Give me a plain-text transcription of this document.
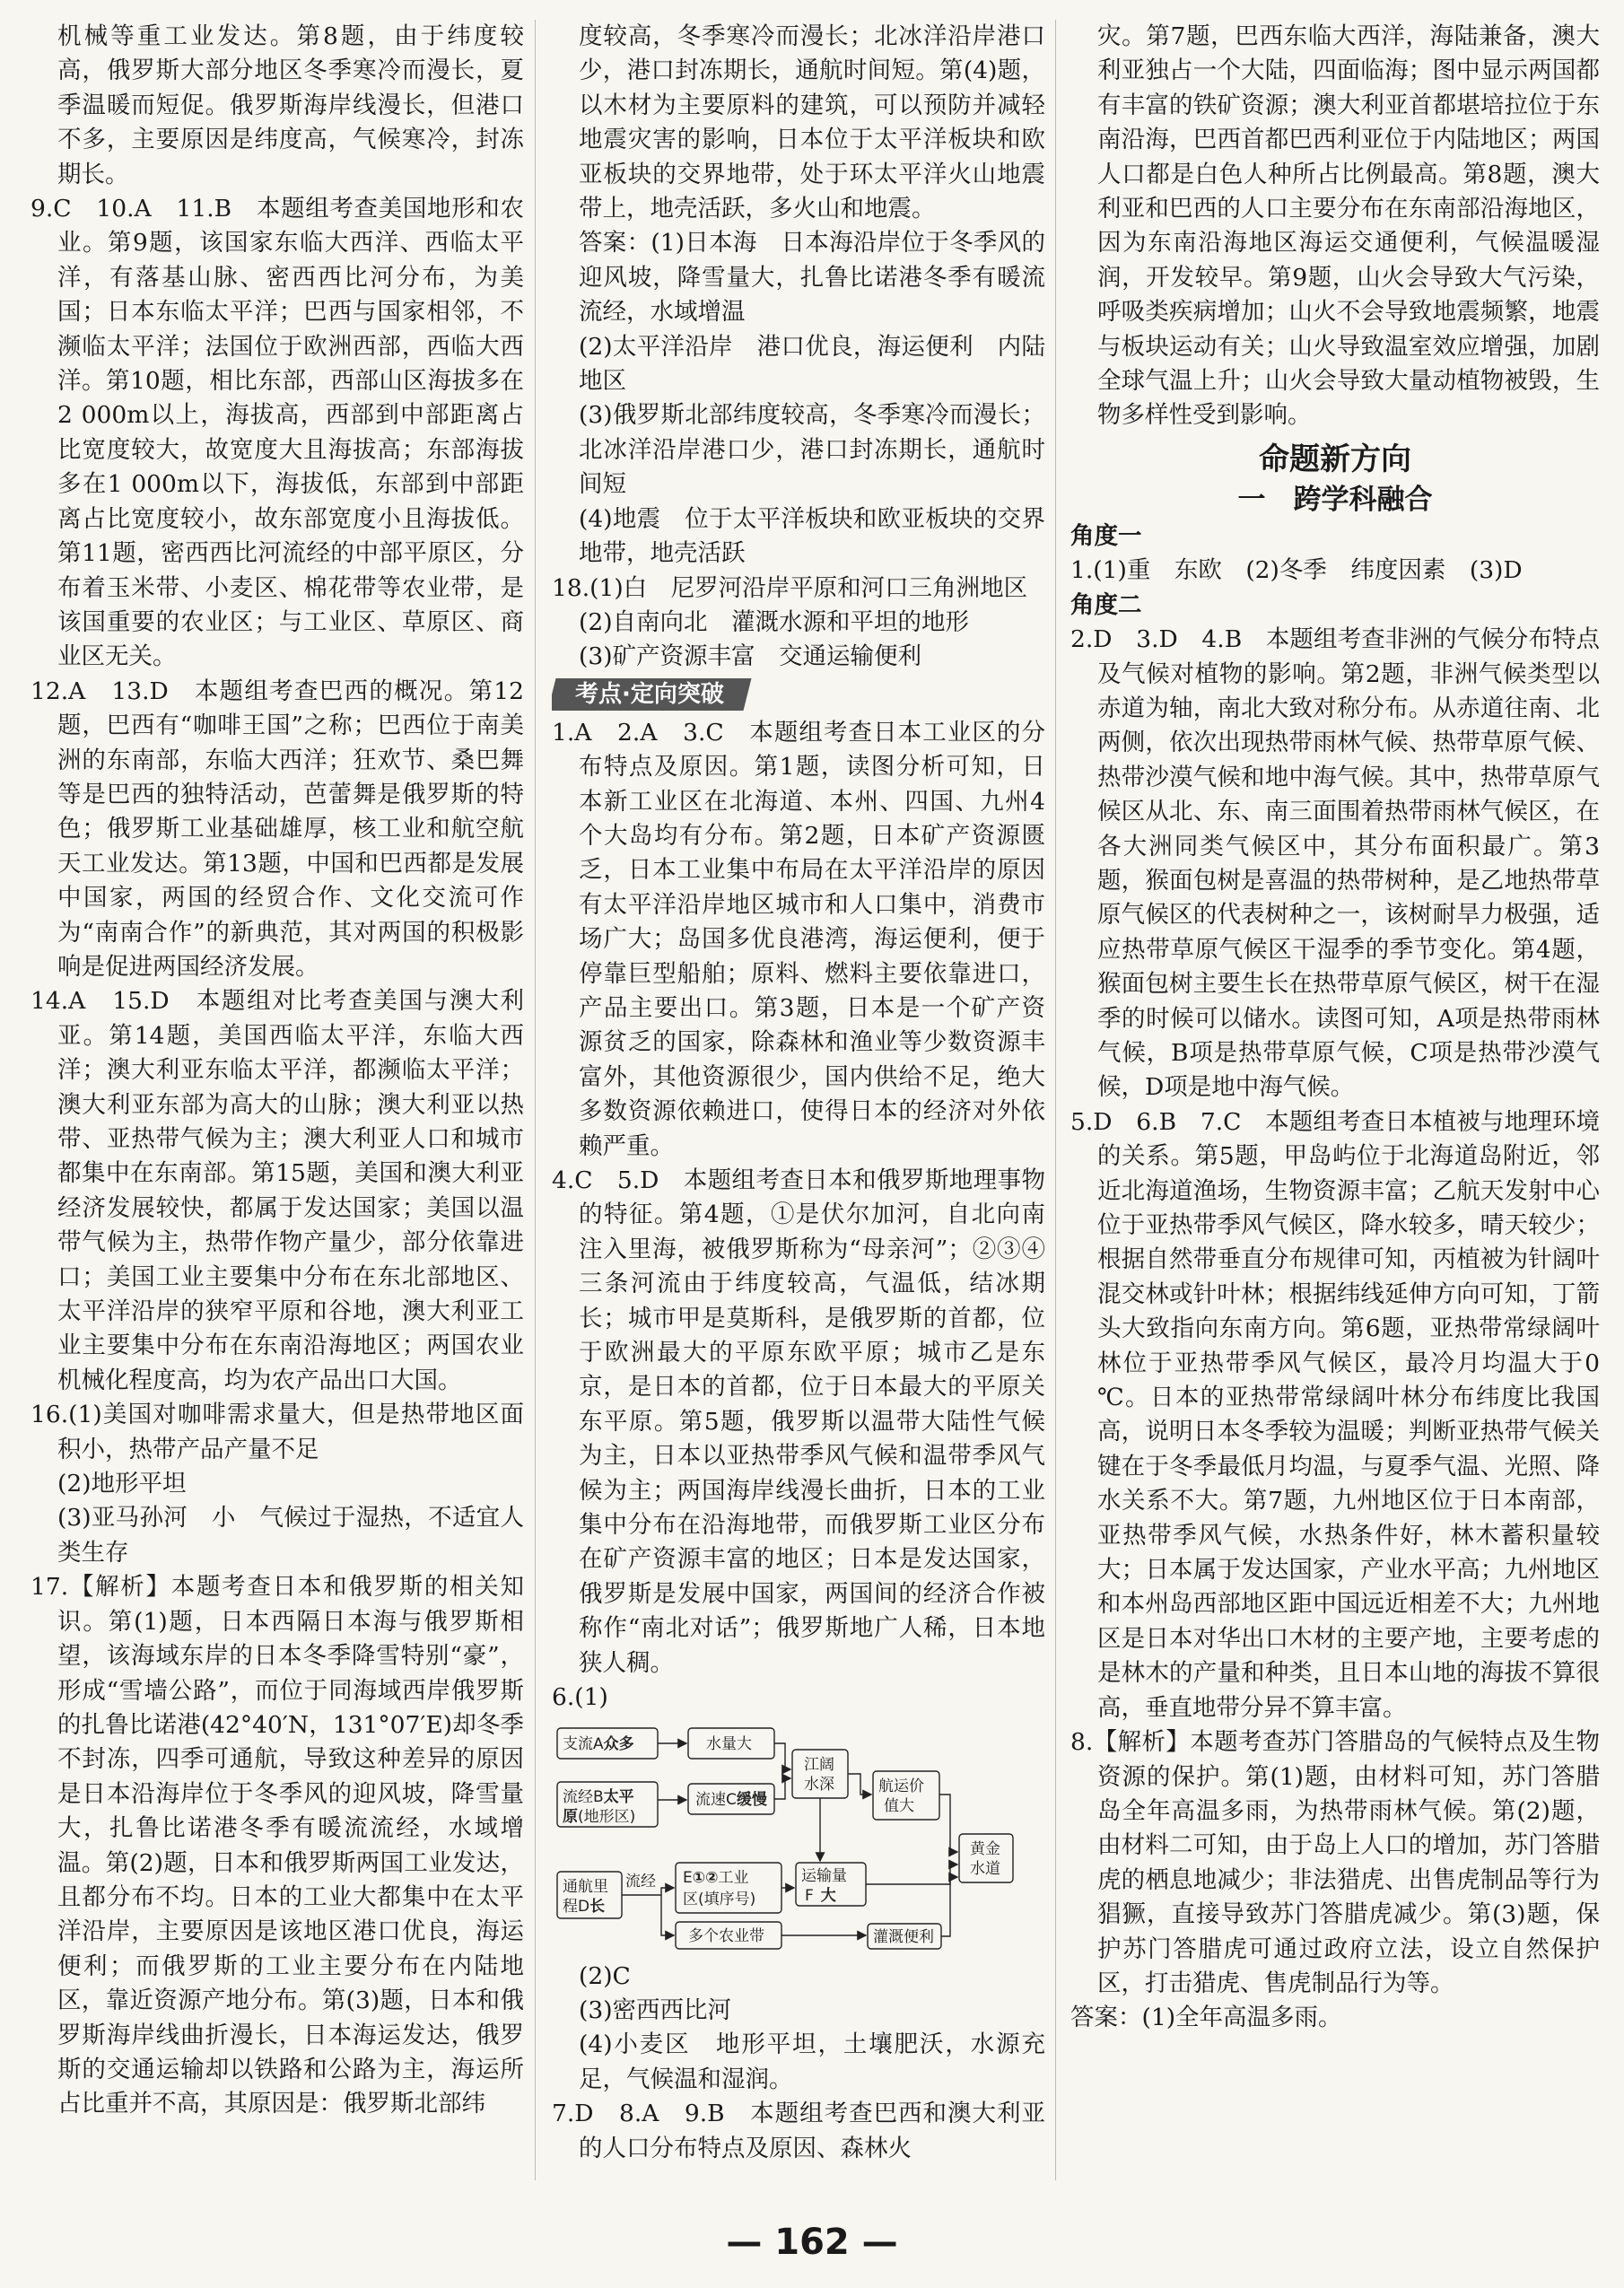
机械等重工业发达。第8题，由于纬度较高，俄罗斯大部分地区冬季寒冷而漫长，夏季温暖而短促。俄罗斯海岸线漫长，但港口不多，主要原因是纬度高，气候寒冷，封冻期长。

9.C　10.A　11.B　本题组考查美国地形和农业。第9题，该国家东临大西洋、西临太平洋，有落基山脉、密西西比河分布，为美国；日本东临太平洋；巴西与国家相邻，不濒临太平洋；法国位于欧洲西部，西临大西洋。第10题，相比东部，西部山区海拔多在2 000m以上，海拔高，西部到中部距离占比宽度较大，故宽度大且海拔高；东部海拔多在1 000m以下，海拔低，东部到中部距离占比宽度较小，故东部宽度小且海拔低。第11题，密西西比河流经的中部平原区，分布着玉米带、小麦区、棉花带等农业带，是该国重要的农业区；与工业区、草原区、商业区无关。

12.A　13.D　本题组考查巴西的概况。第12题，巴西有“咖啡王国”之称；巴西位于南美洲的东南部，东临大西洋；狂欢节、桑巴舞等是巴西的独特活动，芭蕾舞是俄罗斯的特色；俄罗斯工业基础雄厚，核工业和航空航天工业发达。第13题，中国和巴西都是发展中国家，两国的经贸合作、文化交流可作为“南南合作”的新典范，其对两国的积极影响是促进两国经济发展。

14.A　15.D　本题组对比考查美国与澳大利亚。第14题，美国西临太平洋，东临大西洋；澳大利亚东临太平洋，都濒临太平洋；澳大利亚东部为高大的山脉；澳大利亚以热带、亚热带气候为主；澳大利亚人口和城市都集中在东南部。第15题，美国和澳大利亚经济发展较快，都属于发达国家；美国以温带气候为主，热带作物产量少，部分依靠进口；美国工业主要集中分布在东北部地区、太平洋沿岸的狭窄平原和谷地，澳大利亚工业主要集中分布在东南沿海地区；两国农业机械化程度高，均为农产品出口大国。

16.(1)美国对咖啡需求量大，但是热带地区面积小，热带产品产量不足

(2)地形平坦

(3)亚马孙河　小　气候过于湿热，不适宜人类生存

17.【解析】本题考查日本和俄罗斯的相关知识。第(1)题，日本西隔日本海与俄罗斯相望，该海域东岸的日本冬季降雪特别“豪”，形成“雪墙公路”，而位于同海域西岸俄罗斯的扎鲁比诺港(42°40′N，131°07′E)却冬季不封冻，四季可通航，导致这种差异的原因是日本沿海岸位于冬季风的迎风坡，降雪量大，扎鲁比诺港冬季有暖流流经，水域增温。第(2)题，日本和俄罗斯两国工业发达，且都分布不均。日本的工业大都集中在太平洋沿岸，主要原因是该地区港口优良，海运便利；而俄罗斯的工业主要分布在内陆地区，靠近资源产地分布。第(3)题，日本和俄罗斯海岸线曲折漫长，日本海运发达，俄罗斯的交通运输却以铁路和公路为主，海运所占比重并不高，其原因是：俄罗斯北部纬

度较高，冬季寒冷而漫长；北冰洋沿岸港口少，港口封冻期长，通航时间短。第(4)题，以木材为主要原料的建筑，可以预防并减轻地震灾害的影响，日本位于太平洋板块和欧亚板块的交界地带，处于环太平洋火山地震带上，地壳活跃，多火山和地震。

答案：(1)日本海　日本海沿岸位于冬季风的迎风坡，降雪量大，扎鲁比诺港冬季有暖流流经，水域增温

(2)太平洋沿岸　港口优良，海运便利　内陆地区

(3)俄罗斯北部纬度较高，冬季寒冷而漫长；北冰洋沿岸港口少，港口封冻期长，通航时间短

(4)地震　位于太平洋板块和欧亚板块的交界地带，地壳活跃

18.(1)白　尼罗河沿岸平原和河口三角洲地区

(2)自南向北　灌溉水源和平坦的地形

(3)矿产资源丰富　交通运输便利

考点·定向突破

1.A　2.A　3.C　本题组考查日本工业区的分布特点及原因。第1题，读图分析可知，日本新工业区在北海道、本州、四国、九州4个大岛均有分布。第2题，日本矿产资源匮乏，日本工业集中布局在太平洋沿岸的原因有太平洋沿岸地区城市和人口集中，消费市场广大；岛国多优良港湾，海运便利，便于停靠巨型船舶；原料、燃料主要依靠进口，产品主要出口。第3题，日本是一个矿产资源贫乏的国家，除森林和渔业等少数资源丰富外，其他资源很少，国内供给不足，绝大多数资源依赖进口，使得日本的经济对外依赖严重。

4.C　5.D　本题组考查日本和俄罗斯地理事物的特征。第4题，①是伏尔加河，自北向南注入里海，被俄罗斯称为“母亲河”；②③④三条河流由于纬度较高，气温低，结冰期长；城市甲是莫斯科，是俄罗斯的首都，位于欧洲最大的平原东欧平原；城市乙是东京，是日本的首都，位于日本最大的平原关东平原。第5题，俄罗斯以温带大陆性气候为主，日本以亚热带季风气候和温带季风气候为主；两国海岸线漫长曲折，日本的工业集中分布在沿海地带，而俄罗斯工业区分布在矿产资源丰富的地区；日本是发达国家，俄罗斯是发展中国家，两国间的经济合作被称作“南北对话”；俄罗斯地广人稀，日本地狭人稠。

6.(1)

支流A众多
流经B太平
原(地形区)
通航里
程D长
流经
水量大
流速C缓慢
江阔
水深	航运价
值大
黄金
水道
E①②工业
区(填序号)
多个农业带
运输量
F 大
灌溉便利

(2)C

(3)密西西比河

(4)小麦区　地形平坦，土壤肥沃，水源充足，气候温和湿润。

7.D　8.A　9.B　本题组考查巴西和澳大利亚的人口分布特点及原因、森林火

灾。第7题，巴西东临大西洋，海陆兼备，澳大利亚独占一个大陆，四面临海；图中显示两国都有丰富的铁矿资源；澳大利亚首都堪培拉位于东南沿海，巴西首都巴西利亚位于内陆地区；两国人口都是白色人种所占比例最高。第8题，澳大利亚和巴西的人口主要分布在东南部沿海地区，因为东南沿海地区海运交通便利，气候温暖湿润，开发较早。第9题，山火会导致大气污染，呼吸类疾病增加；山火不会导致地震频繁，地震与板块运动有关；山火导致温室效应增强，加剧全球气温上升；山火会导致大量动植物被毁，生物多样性受到影响。

命题新方向
一　跨学科融合
角度一

1.(1)重　东欧　(2)冬季　纬度因素　(3)D

角度二

2.D　3.D　4.B　本题组考查非洲的气候分布特点及气候对植物的影响。第2题，非洲气候类型以赤道为轴，南北大致对称分布。从赤道往南、北两侧，依次出现热带雨林气候、热带草原气候、热带沙漠气候和地中海气候。其中，热带草原气候区从北、东、南三面围着热带雨林气候区，在各大洲同类气候区中，其分布面积最广。第3题，猴面包树是喜温的热带树种，是乙地热带草原气候区的代表树种之一，该树耐旱力极强，适应热带草原气候区干湿季的季节变化。第4题，猴面包树主要生长在热带草原气候区，树干在湿季的时候可以储水。读图可知，A项是热带雨林气候，B项是热带草原气候，C项是热带沙漠气候，D项是地中海气候。

5.D　6.B　7.C　本题组考查日本植被与地理环境的关系。第5题，甲岛屿位于北海道岛附近，邻近北海道渔场，生物资源丰富；乙航天发射中心位于亚热带季风气候区，降水较多，晴天较少；根据自然带垂直分布规律可知，丙植被为针阔叶混交林或针叶林；根据纬线延伸方向可知，丁箭头大致指向东南方向。第6题，亚热带常绿阔叶林位于亚热带季风气候区，最冷月均温大于0 ℃。日本的亚热带常绿阔叶林分布纬度比我国高，说明日本冬季较为温暖；判断亚热带气候关键在于冬季最低月均温，与夏季气温、光照、降水关系不大。第7题，九州地区位于日本南部，亚热带季风气候，水热条件好，林木蓄积量较大；日本属于发达国家，产业水平高；九州地区和本州岛西部地区距中国远近相差不大；九州地区是日本对华出口木材的主要产地，主要考虑的是林木的产量和种类，且日本山地的海拔不算很高，垂直地带分异不算丰富。

8.【解析】本题考查苏门答腊岛的气候特点及生物资源的保护。第(1)题，由材料可知，苏门答腊岛全年高温多雨，为热带雨林气候。第(2)题，由材料二可知，由于岛上人口的增加，苏门答腊虎的栖息地减少；非法猎虎、出售虎制品等行为猖獗，直接导致苏门答腊虎减少。第(3)题，保护苏门答腊虎可通过政府立法，设立自然保护区，打击猎虎、售虎制品行为等。

答案：(1)全年高温多雨。

— 162 —
